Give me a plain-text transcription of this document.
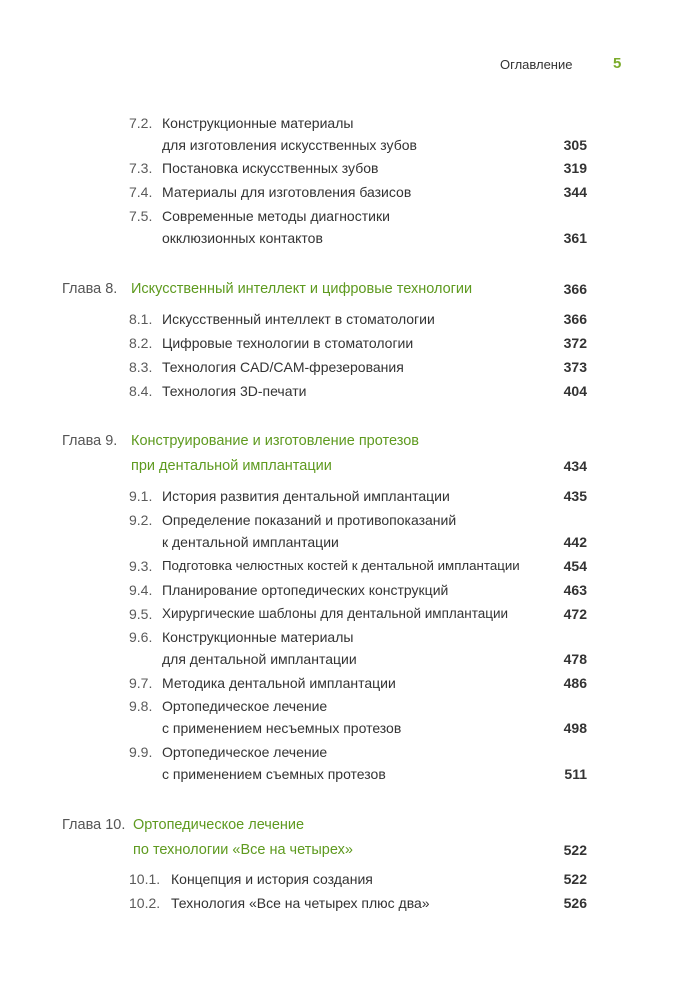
Оглавление	5
7.2. Конструкционные материалы
для изготовления искусственных зубов	305
7.3. Постановка искусственных зубов	319
7.4. Материалы для изготовления базисов	344
7.5. Современные методы диагностики
окклюзионных контактов	361
Глава 8. Искусственный интеллект и цифровые технологии	366
8.1. Искусственный интеллект в стоматологии	366
8.2. Цифровые технологии в стоматологии	372
8.3. Технология CAD/CAM-фрезерования	373
8.4. Технология 3D-печати	404
Глава 9. Конструирование и изготовление протезов
при дентальной имплантации	434
9.1. История развития дентальной имплантации	435
9.2. Определение показаний и противопоказаний
к дентальной имплантации	442
9.3. Подготовка челюстных костей к дентальной имплантации	454
9.4. Планирование ортопедических конструкций	463
9.5. Хирургические шаблоны для дентальной имплантации	472
9.6. Конструкционные материалы
для дентальной имплантации	478
9.7. Методика дентальной имплантации	486
9.8. Ортопедическое лечение
с применением несъемных протезов	498
9.9. Ортопедическое лечение
с применением съемных протезов	511
Глава 10. Ортопедическое лечение
по технологии «Все на четырех»	522
10.1. Концепция и история создания	522
10.2. Технология «Все на четырех плюс два»	526
